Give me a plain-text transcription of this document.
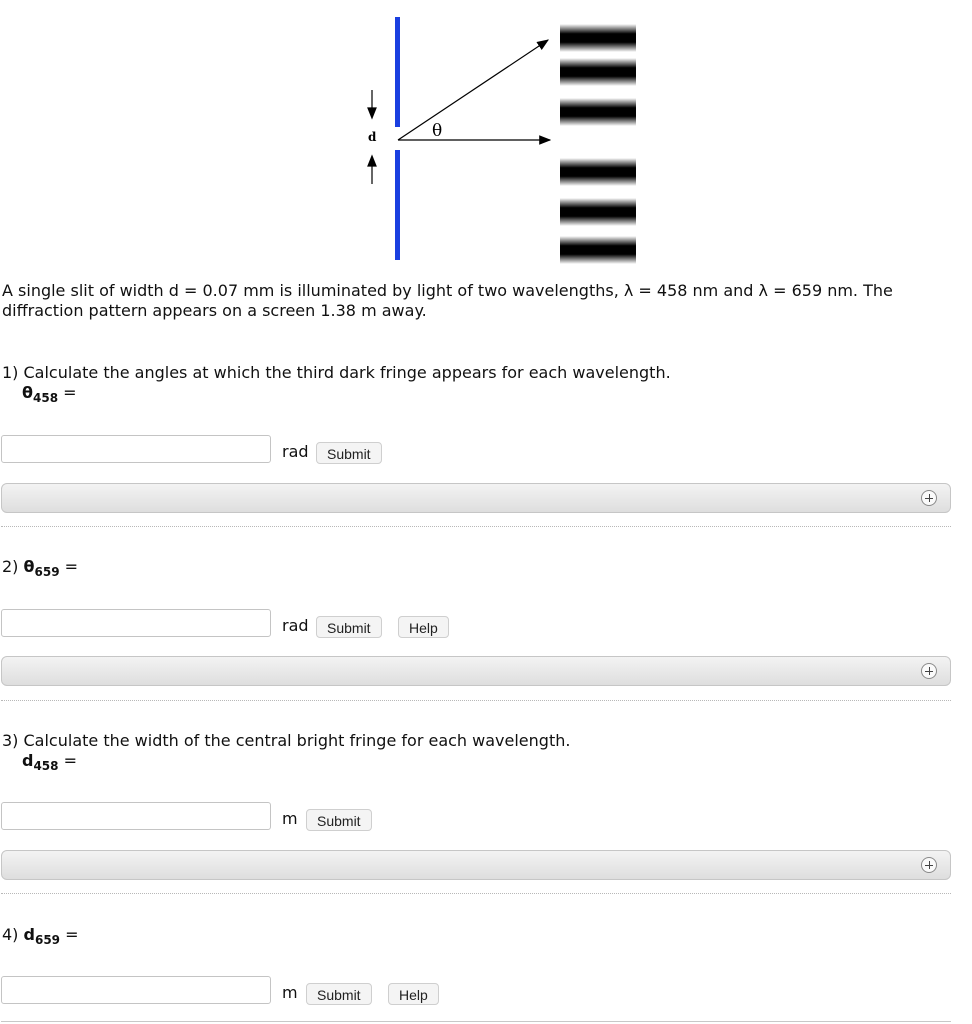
d	θ
A single slit of width d = 0.07 mm is illuminated by light of two wavelengths, λ = 458 nm and λ = 659 nm. The diffraction pattern appears on a screen 1.38 m away.
1) Calculate the angles at which the third dark fringe appears for each wavelength.
$\theta_{458}$ =
rad	Submit
2) $\theta_{659}$ =
rad	Submit	Help
3) Calculate the width of the central bright fringe for each wavelength.
$d_{458}$ =
m	Submit
4) $d_{659}$ =
m	Submit	Help
